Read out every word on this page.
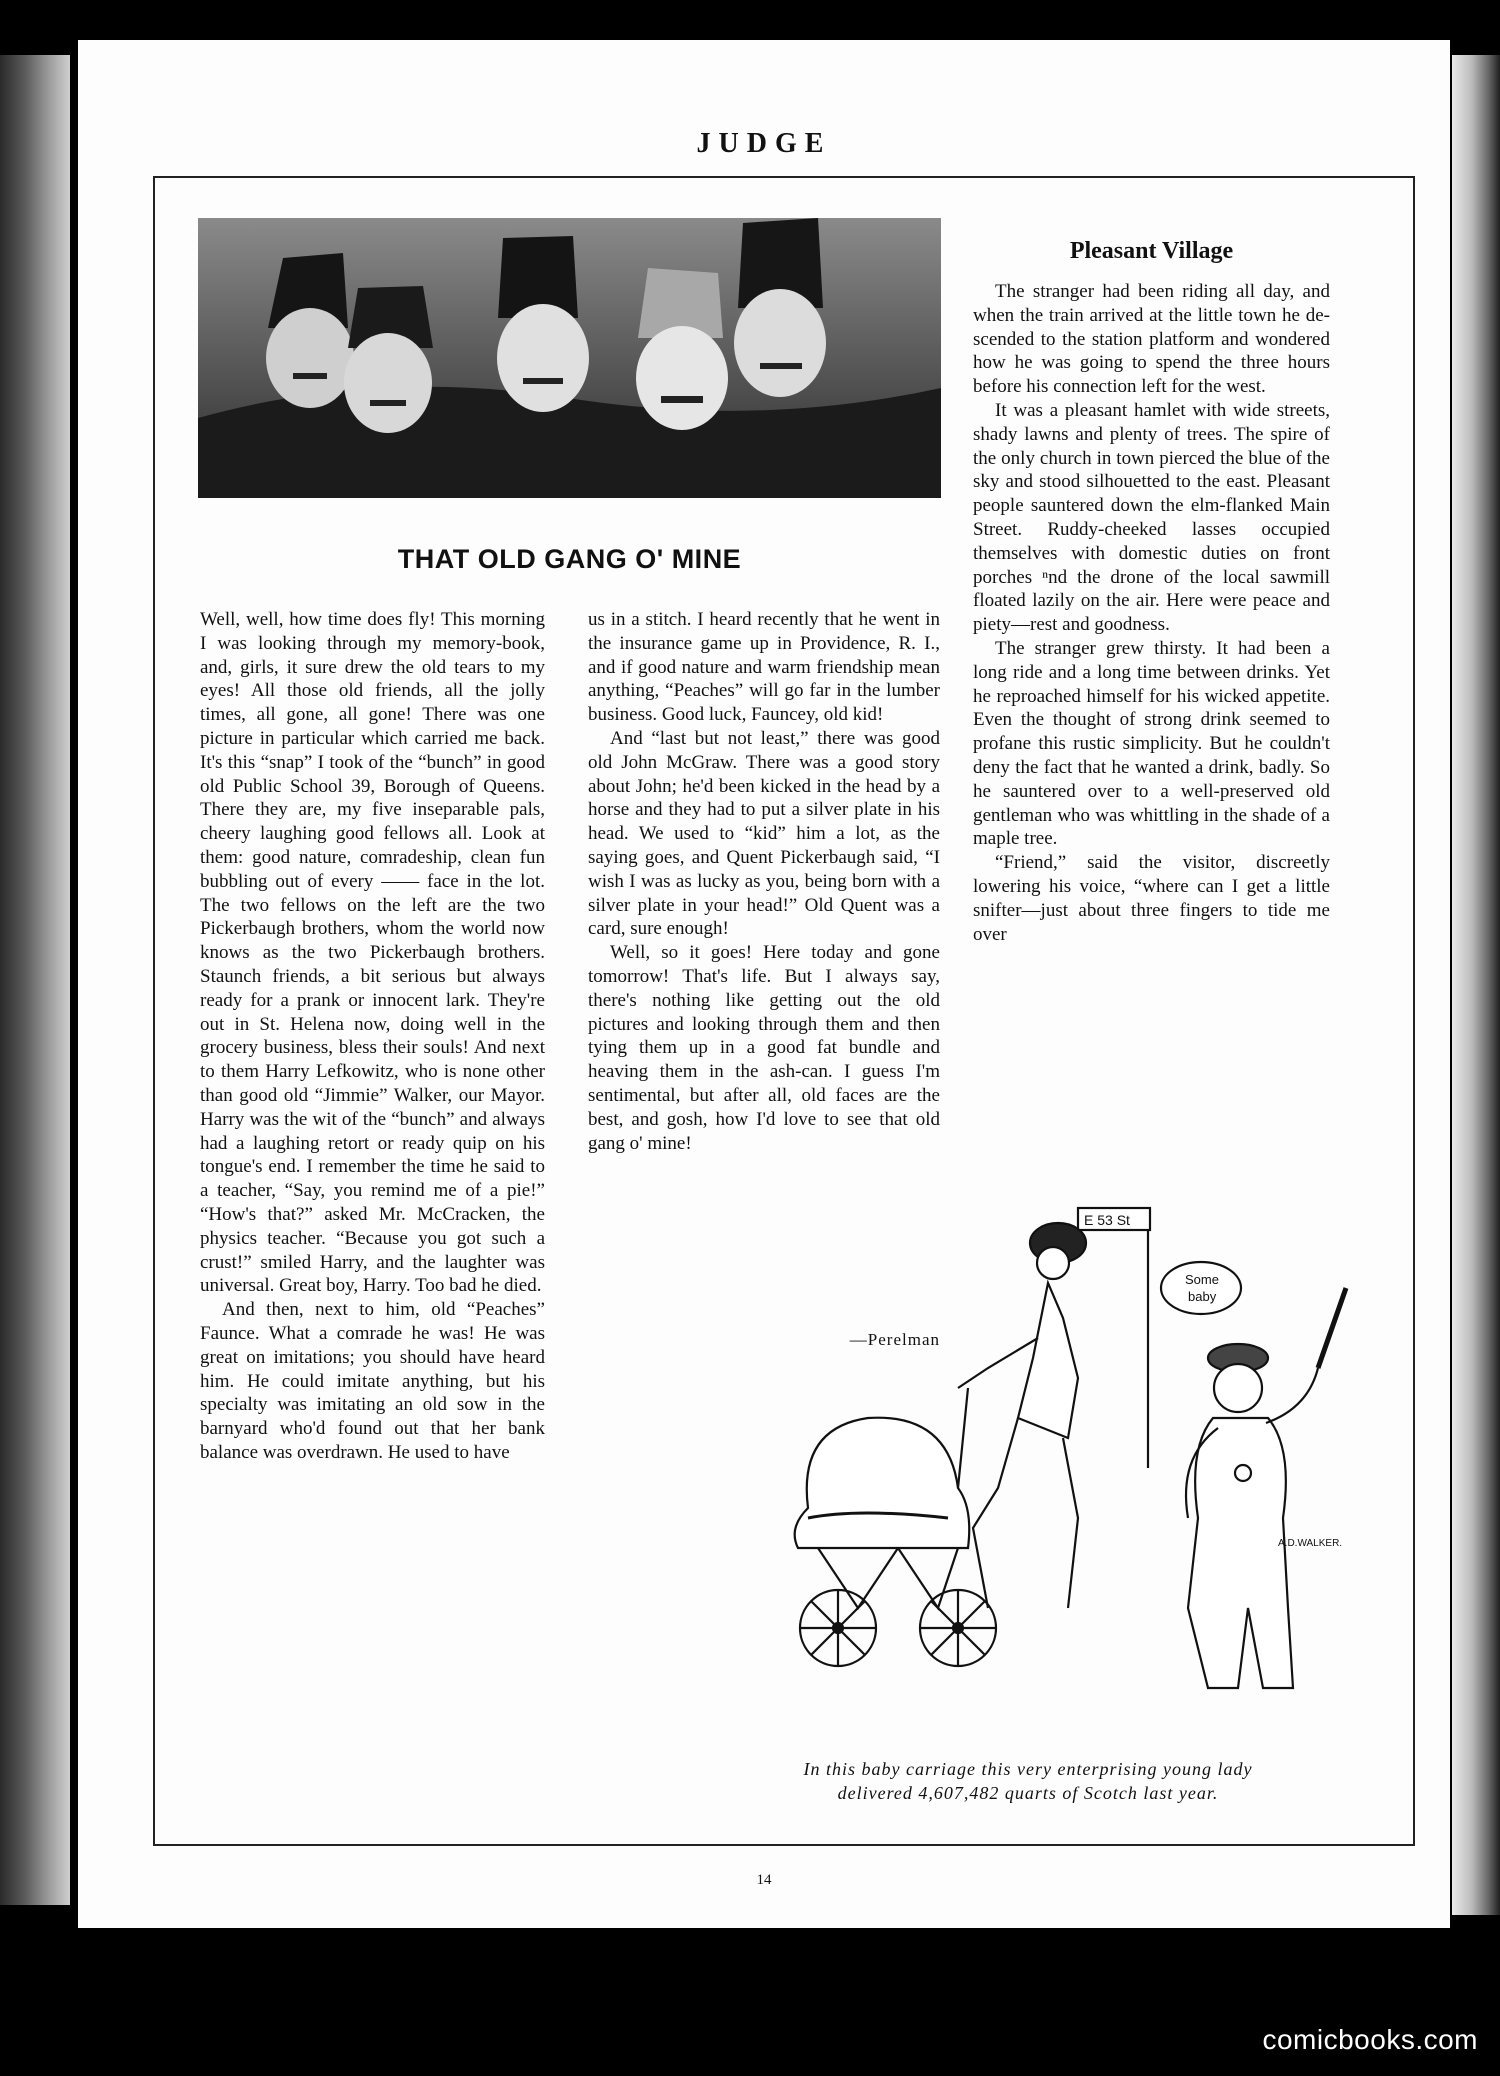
JUDGE
THAT OLD GANG O' MINE

Well, well, how time does fly! This morning I was looking through my memory-book, and, girls, it sure drew the old tears to my eyes! All those old friends, all the jolly times, all gone, all gone! There was one picture in particular which carried me back. It's this “snap” I took of the “bunch” in good old Public School 39, Borough of Queens. There they are, my five inseparable pals, cheery laughing good fellows all. Look at them: good nature, comradeship, clean fun bubbling out of every —— face in the lot. The two fellows on the left are the two Pickerbaugh brothers, whom the world now knows as the two Pickerbaugh brothers. Staunch friends, a bit serious but always ready for a prank or innocent lark. They're out in St. Helena now, doing well in the grocery business, bless their souls! And next to them Harry Lefkowitz, who is none other than good old “Jimmie” Walker, our Mayor. Harry was the wit of the “bunch” and always had a laughing retort or ready quip on his tongue's end. I remember the time he said to a teacher, “Say, you remind me of a pie!” “How's that?” asked Mr. McCracken, the physics teacher. “Because you got such a crust!” smiled Harry, and the laughter was universal. Great boy, Harry. Too bad he died.

And then, next to him, old “Peaches” Faunce. What a comrade he was! He was great on imitations; you should have heard him. He could imitate anything, but his specialty was imitating an old sow in the barnyard who'd found out that her bank balance was overdrawn. He used to have

us in a stitch. I heard recently that he went in the insurance game up in Providence, R. I., and if good nature and warm friendship mean anything, “Peaches” will go far in the lumber business. Good luck, Fauncey, old kid!

And “last but not least,” there was good old John McGraw. There was a good story about John; he'd been kicked in the head by a horse and they had to put a silver plate in his head. We used to “kid” him a lot, as the saying goes, and Quent Pickerbaugh said, “I wish I was as lucky as you, being born with a silver plate in your head!” Old Quent was a card, sure enough!

Well, so it goes! Here today and gone tomorrow! That's life. But I always say, there's nothing like getting out the old pictures and looking through them and then tying them up in a good fat bundle and heaving them in the ash-can. I guess I'm sentimental, but after all, old faces are the best, and gosh, how I'd love to see that old gang o' mine!

—Perelman
Pleasant Village

The stranger had been riding all day, and when the train arrived at the little town he descended to the station platform and wondered how he was going to spend the three hours before his connection left for the west.

It was a pleasant hamlet with wide streets, shady lawns and plenty of trees. The spire of the only church in town pierced the blue of the sky and stood silhouetted to the east. Pleasant people sauntered down the elm-flanked Main Street. Ruddy-cheeked lasses occupied themselves with domestic duties on front porches ⁿnd the drone of the local sawmill floated lazily on the air. Here were peace and piety—rest and goodness.

The stranger grew thirsty. It had been a long ride and a long time between drinks. Yet he reproached himself for his wicked appetite. Even the thought of strong drink seemed to profane this rustic simplicity. But he couldn't deny the fact that he wanted a drink, badly. So he sauntered over to a well-preserved old gentleman who was whittling in the shade of a maple tree.

“Friend,” said the visitor, discreetly lowering his voice, “where can I get a little snifter—just about three fingers to tide me over

E 53 St
Some
baby
A.D.WALKER.
In this baby carriage this very enterprising young lady
delivered 4,607,482 quarts of Scotch last year.
14
comicbooks.com
